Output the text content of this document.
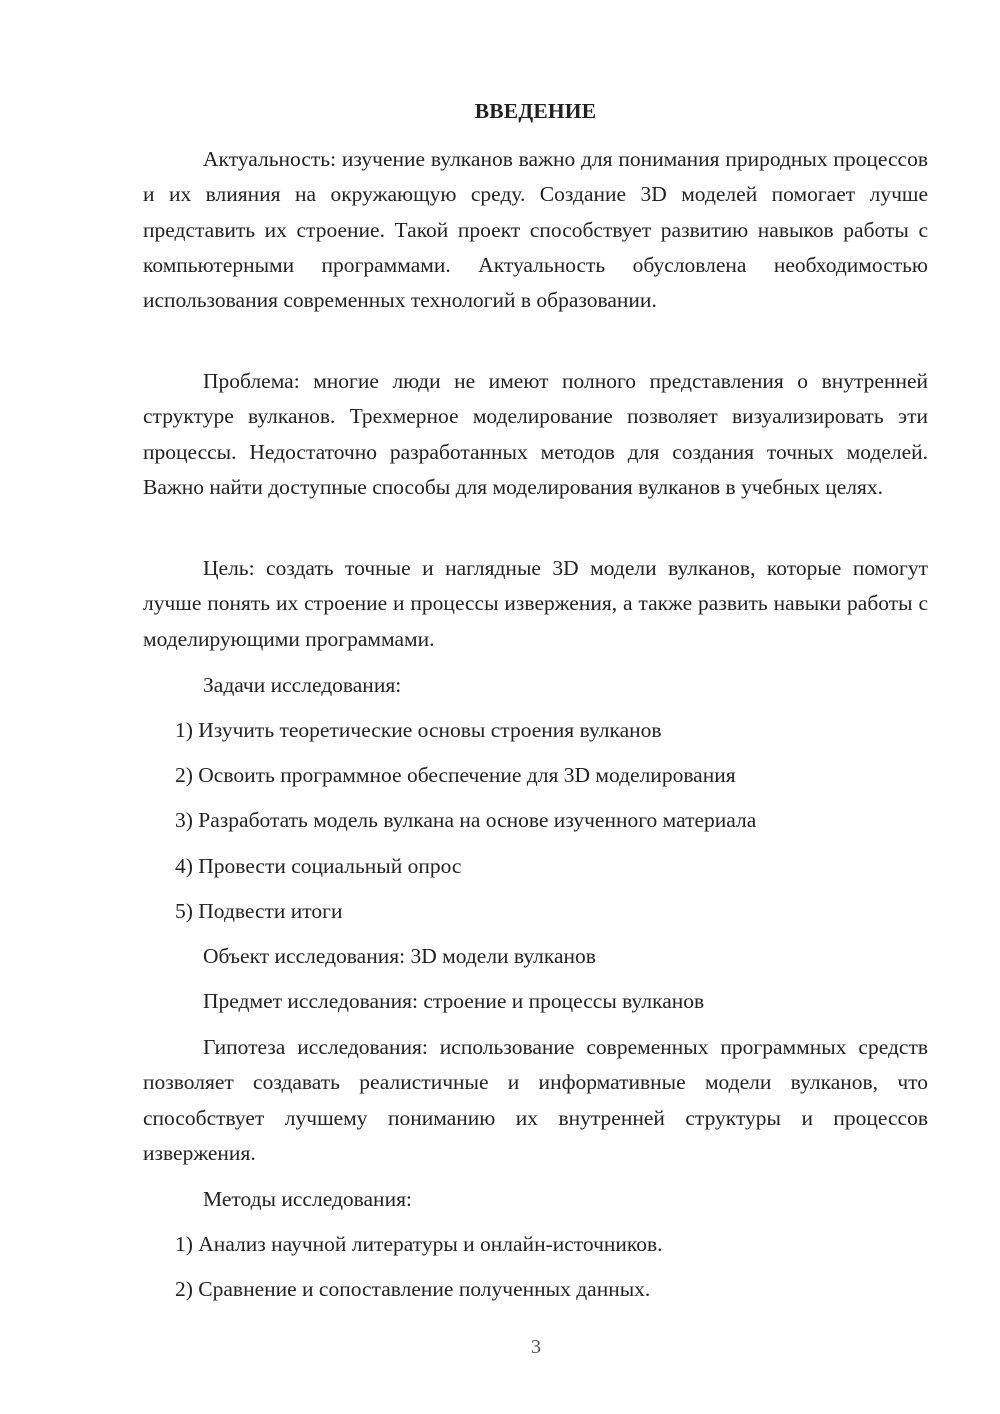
ВВЕДЕНИЕ

Актуальность: изучение вулканов важно для понимания природных процессов и их влияния на окружающую среду. Создание 3D моделей помогает лучше представить их строение. Такой проект способствует развитию навыков работы с компьютерными программами. Актуальность обусловлена необходимостью использования современных технологий в образовании.

Проблема: многие люди не имеют полного представления о внутренней структуре вулканов. Трехмерное моделирование позволяет визуализировать эти процессы. Недостаточно разработанных методов для создания точных моделей. Важно найти доступные способы для моделирования вулканов в учебных целях.

Цель: создать точные и наглядные 3D модели вулканов, которые помогут лучше понять их строение и процессы извержения, а также развить навыки работы с моделирующими программами.

Задачи исследования:
1) Изучить теоретические основы строения вулканов
2) Освоить программное обеспечение для 3D моделирования
3) Разработать модель вулкана на основе изученного материала
4) Провести социальный опрос
5) Подвести итоги
Объект исследования: 3D модели вулканов
Предмет исследования: строение и процессы вулканов

Гипотеза исследования: использование современных программных средств позволяет создавать реалистичные и информативные модели вулканов, что способствует лучшему пониманию их внутренней структуры и процессов извержения.

Методы исследования:
1) Анализ научной литературы и онлайн-источников.
2) Сравнение и сопоставление полученных данных.
3
